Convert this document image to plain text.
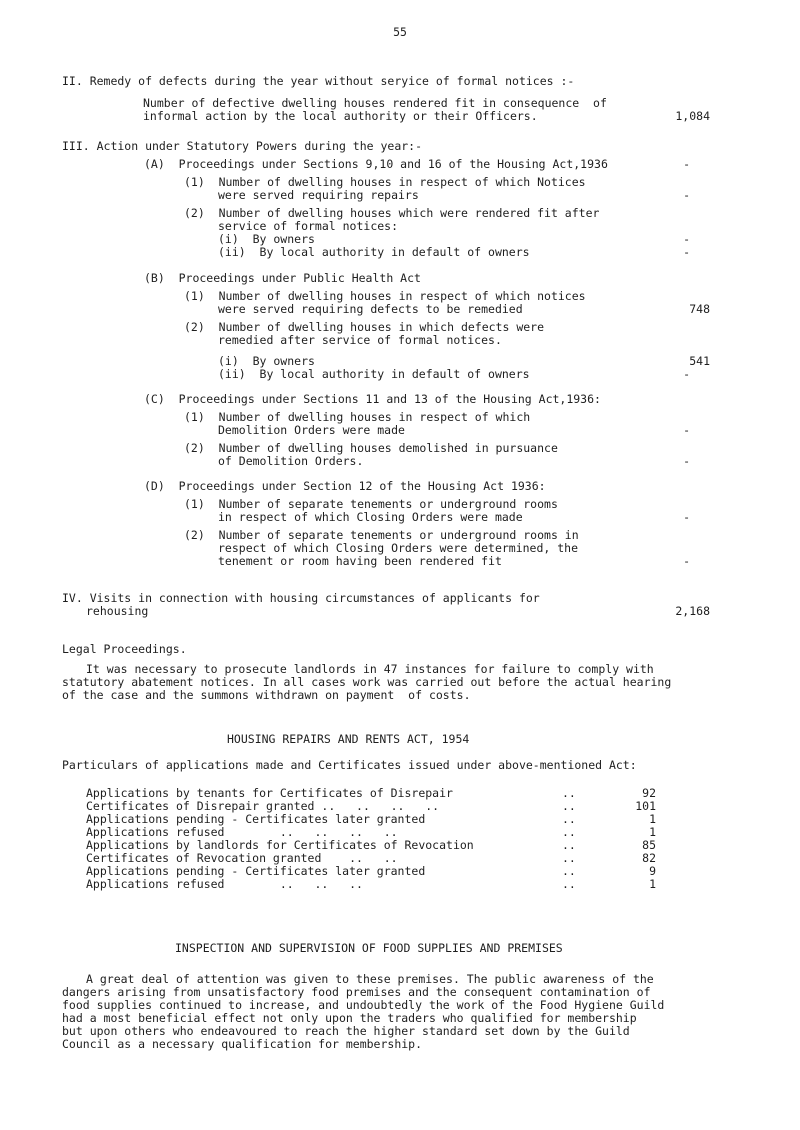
55
II. Remedy of defects during the year without seryice of formal notices :-
Number of defective dwelling houses rendered fit in consequence  of
informal action by the local authority or their Officers.	1,084
III. Action under Statutory Powers during the year:-
(A)  Proceedings under Sections 9,10 and 16 of the Housing Act,1936	-
(1)  Number of dwelling houses in respect of which Notices
were served requiring repairs	-
(2)  Number of dwelling houses which were rendered fit after
service of formal notices:
(i)  By owners	-
(ii)  By local authority in default of owners	-
(B)  Proceedings under Public Health Act
(1)  Number of dwelling houses in respect of which notices
were served requiring defects to be remedied	748
(2)  Number of dwelling houses in which defects were
remedied after service of formal notices.
(i)  By owners	541
(ii)  By local authority in default of owners	-
(C)  Proceedings under Sections 11 and 13 of the Housing Act,1936:
(1)  Number of dwelling houses in respect of which
Demolition Orders were made	-
(2)  Number of dwelling houses demolished in pursuance
of Demolition Orders.	-
(D)  Proceedings under Section 12 of the Housing Act 1936:
(1)  Number of separate tenements or underground rooms
in respect of which Closing Orders were made	-
(2)  Number of separate tenements or underground rooms in
respect of which Closing Orders were determined, the
tenement or room having been rendered fit	-
IV. Visits in connection with housing circumstances of applicants for
rehousing	2,168
Legal Proceedings.
It was necessary to prosecute landlords in 47 instances for failure to comply with
statutory abatement notices. In all cases work was carried out before the actual hearing
of the case and the summons withdrawn on payment  of costs.
HOUSING REPAIRS AND RENTS ACT, 1954
Particulars of applications made and Certificates issued under above-mentioned Act:
Applications by tenants for Certificates of Disrepair	..	92
Certificates of Disrepair granted ..   ..   ..   ..	..	101
Applications pending - Certificates later granted	..	1
Applications refused        ..   ..   ..   ..	..	1
Applications by landlords for Certificates of Revocation	..	85
Certificates of Revocation granted    ..   ..	..	82
Applications pending - Certificates later granted	..	9
Applications refused        ..   ..   ..	..	1
INSPECTION AND SUPERVISION OF FOOD SUPPLIES AND PREMISES
A great deal of attention was given to these premises. The public awareness of the
dangers arising from unsatisfactory food premises and the consequent contamination of
food supplies continued to increase, and undoubtedly the work of the Food Hygiene Guild
had a most beneficial effect not only upon the traders who qualified for membership
but upon others who endeavoured to reach the higher standard set down by the Guild
Council as a necessary qualification for membership.
